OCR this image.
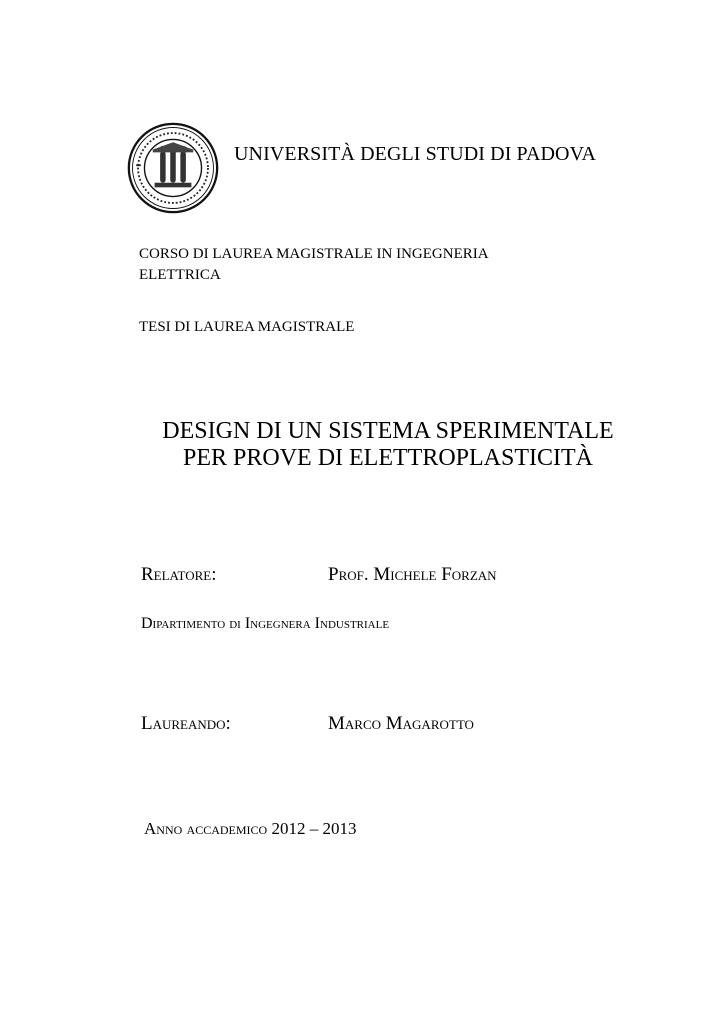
UNIVERSITÀ DEGLI STUDI DI PADOVA
CORSO DI LAUREA MAGISTRALE IN INGEGNERIA
ELETTRICA
TESI DI LAUREA MAGISTRALE
DESIGN DI UN SISTEMA SPERIMENTALE
PER PROVE DI ELETTROPLASTICITÀ
Relatore:	Prof. Michele Forzan
Dipartimento di Ingegnera Industriale
Laureando:	Marco Magarotto
Anno accademico 2012 – 2013
